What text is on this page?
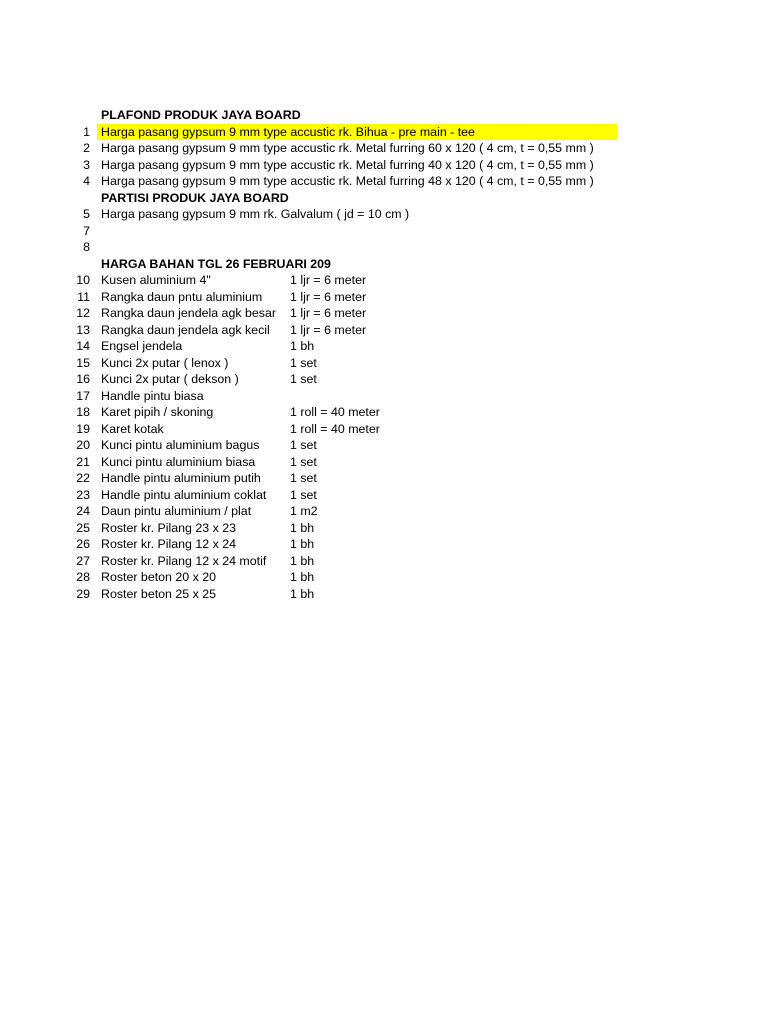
PLAFOND PRODUK JAYA BOARD
1 Harga pasang gypsum 9 mm type accustic rk. Bihua - pre main - tee
2 Harga pasang gypsum 9 mm type accustic rk. Metal furring 60 x 120 ( 4 cm, t = 0,55 mm )
3 Harga pasang gypsum 9 mm type accustic rk. Metal furring 40 x 120 ( 4 cm, t = 0,55 mm )
4 Harga pasang gypsum 9 mm type accustic rk. Metal furring 48 x 120 ( 4 cm, t = 0,55 mm )
PARTISI PRODUK JAYA BOARD
5 Harga pasang gypsum 9 mm rk. Galvalum ( jd = 10 cm )
7
8
HARGA BAHAN TGL 26 FEBRUARI 209
10 Kusen aluminium 4"	1 ljr = 6 meter
11 Rangka daun pntu aluminium 1 ljr = 6 meter
12 Rangka daun jendela agk besar 1 ljr = 6 meter
13 Rangka daun jendela agk kecil 1 ljr = 6 meter
14 Engsel jendela	1 bh
15 Kunci 2x putar ( lenox )	1 set
16 Kunci 2x putar ( dekson )	1 set
17 Handle pintu biasa
18 Karet pipih / skoning	1 roll = 40 meter
19 Karet kotak	1 roll = 40 meter
20 Kunci pintu aluminium bagus 1 set
21 Kunci pintu aluminium biasa	1 set
22 Handle pintu aluminium putih 1 set
23 Handle pintu aluminium coklat 1 set
24 Daun pintu aluminium / plat	1 m2
25 Roster kr. Pilang 23 x 23	1 bh
26 Roster kr. Pilang 12 x 24	1 bh
27 Roster kr. Pilang 12 x 24 motif 1 bh
28 Roster beton 20 x 20	1 bh
29 Roster beton 25 x 25	1 bh
